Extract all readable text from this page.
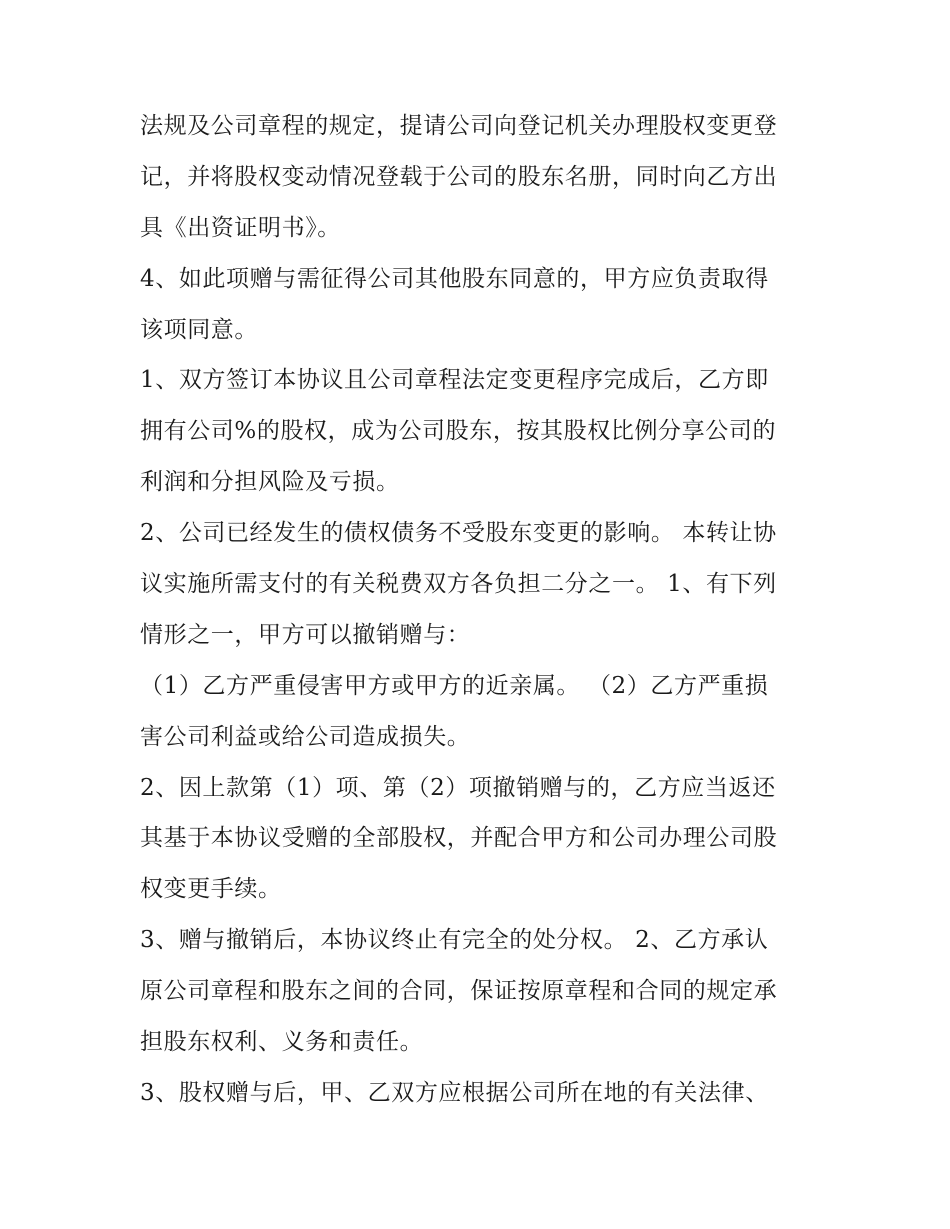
法规及公司章程的规定，提请公司向登记机关办理股权变更登
记，并将股权变动情况登载于公司的股东名册，同时向乙方出
具《出资证明书》。
4、如此项赠与需征得公司其他股东同意的，甲方应负责取得
该项同意。
1、双方签订本协议且公司章程法定变更程序完成后，乙方即
拥有公司%的股权，成为公司股东，按其股权比例分享公司的
利润和分担风险及亏损。
2、公司已经发生的债权债务不受股东变更的影响。 本转让协
议实施所需支付的有关税费双方各负担二分之一。 1、有下列
情形之一，甲方可以撤销赠与：
（1）乙方严重侵害甲方或甲方的近亲属。 （2）乙方严重损
害公司利益或给公司造成损失。
2、因上款第（1）项、第（2）项撤销赠与的，乙方应当返还
其基于本协议受赠的全部股权，并配合甲方和公司办理公司股
权变更手续。
3、赠与撤销后，本协议终止有完全的处分权。 2、乙方承认
原公司章程和股东之间的合同，保证按原章程和合同的规定承
担股东权利、义务和责任。
3、股权赠与后，甲、乙双方应根据公司所在地的有关法律、
